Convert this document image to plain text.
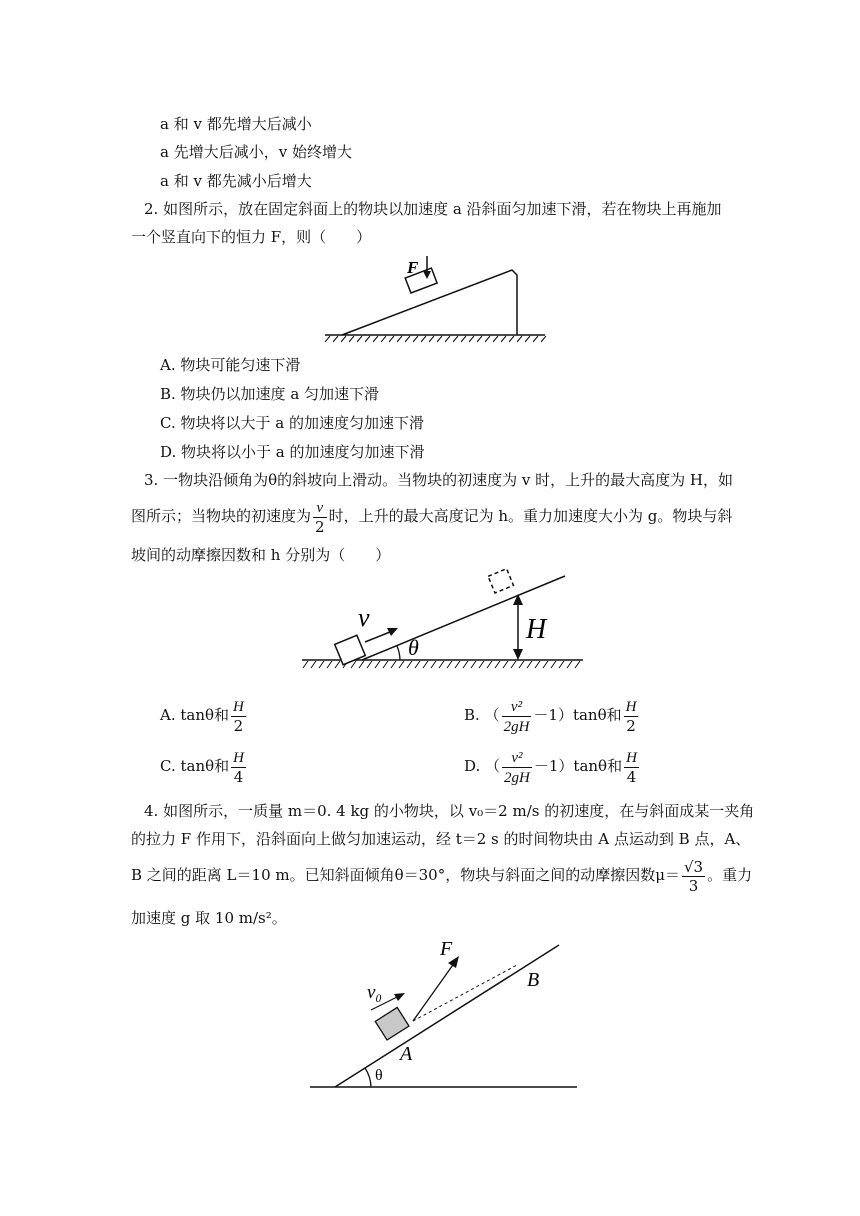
a 和 v 都先增大后减小
a 先增大后减小，v 始终增大
a 和 v 都先减小后增大
2. 如图所示，放在固定斜面上的物块以加速度 a 沿斜面匀加速下滑，若在物块上再施加
一个竖直向下的恒力 F，则（　　）
F
A. 物块可能匀速下滑
B. 物块仍以加速度 a 匀加速下滑
C. 物块将以大于 a 的加速度匀加速下滑
D. 物块将以小于 a 的加速度匀加速下滑
3. 一物块沿倾角为θ的斜坡向上滑动。当物块的初速度为 v 时，上升的最大高度为 H，如
图所示；当物块的初速度为 $\frac{v}{2}$ 时，上升的最大高度记为 h。重力加速度大小为 g。物块与斜
坡间的动摩擦因数和 h 分别为（　　）
v	H
θ
A. tanθ和 $\frac{H}{2}$	B. （ $\frac{\text{v²}}{2gH} -1)\tan\theta$和 $\frac{H}{2}$
C. tanθ和 $\frac{H}{4}$	D. （ $\frac{\text{v²}}{2gH} -1)\tan\theta$和 $\frac{H}{4}$
4. 如图所示，一质量 m＝0. 4 kg 的小物块，以 v₀＝2 m/s 的初速度，在与斜面成某一夹角
的拉力 F 作用下，沿斜面向上做匀加速运动，经 t＝2 s 的时间物块由 A 点运动到 B 点，A、
B 之间的距离 L＝10 m。已知斜面倾角θ＝30°，物块与斜面之间的动摩擦因数$\mu= \frac{√3}{3}$ 。重力
加速度 g 取 10 m/s²。
F
v₀
A
B
θ
